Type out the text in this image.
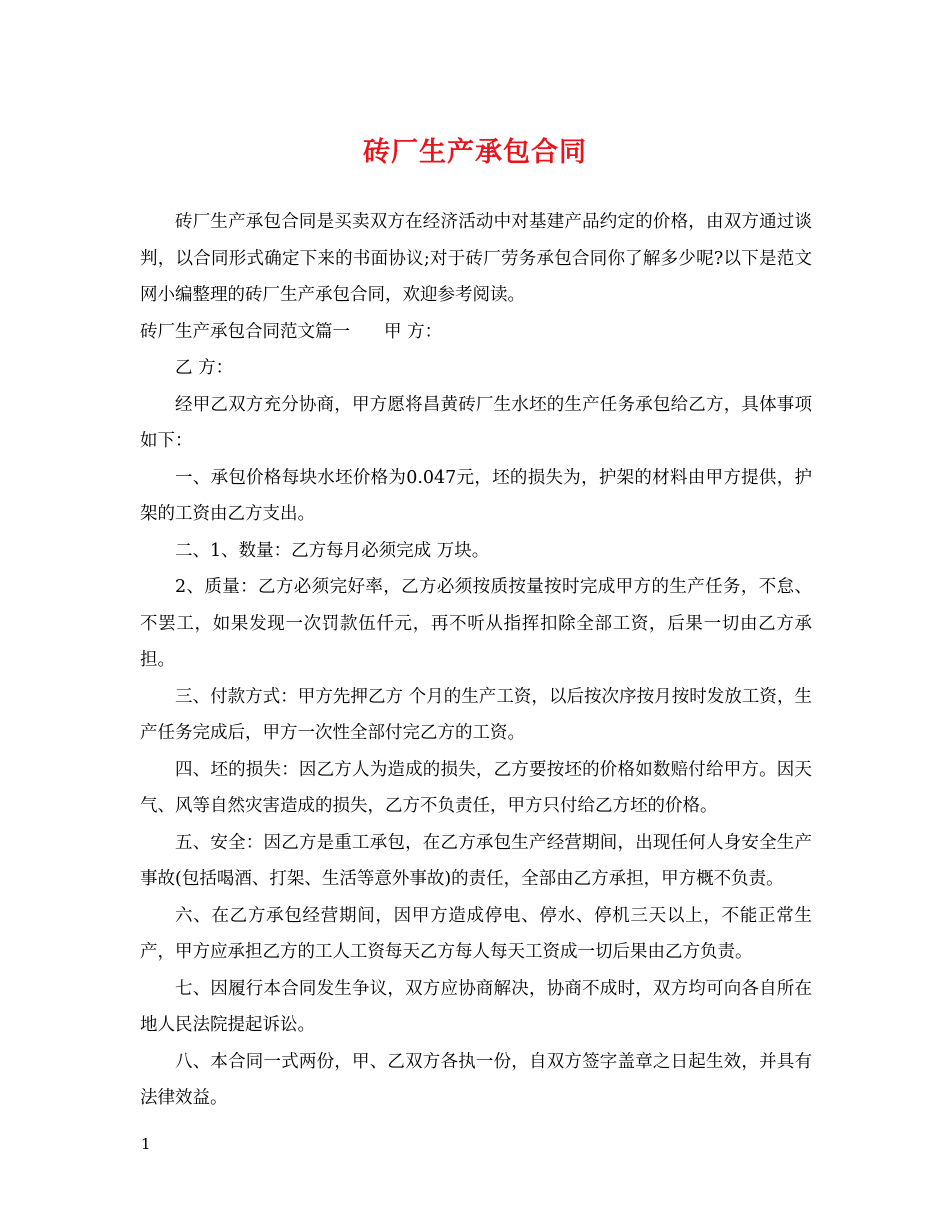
砖厂生产承包合同

砖厂生产承包合同是买卖双方在经济活动中对基建产品约定的价格，由双方通过谈判，以合同形式确定下来的书面协议;对于砖厂劳务承包合同你了解多少呢?以下是范文网小编整理的砖厂生产承包合同，欢迎参考阅读。

砖厂生产承包合同范文篇一 甲 方：

乙 方：

经甲乙双方充分协商，甲方愿将昌黄砖厂生水坯的生产任务承包给乙方，具体事项如下：

一、承包价格每块水坯价格为0.047元，坯的损失为，护架的材料由甲方提供，护架的工资由乙方支出。

二、1、数量：乙方每月必须完成 万块。

2、质量：乙方必须完好率，乙方必须按质按量按时完成甲方的生产任务，不怠、不罢工，如果发现一次罚款伍仟元，再不听从指挥扣除全部工资，后果一切由乙方承担。

三、付款方式：甲方先押乙方 个月的生产工资，以后按次序按月按时发放工资，生产任务完成后，甲方一次性全部付完乙方的工资。

四、坯的损失：因乙方人为造成的损失，乙方要按坯的价格如数赔付给甲方。因天气、风等自然灾害造成的损失，乙方不负责任，甲方只付给乙方坯的价格。

五、安全：因乙方是重工承包，在乙方承包生产经营期间，出现任何人身安全生产事故(包括喝酒、打架、生活等意外事故)的责任，全部由乙方承担，甲方概不负责。

六、在乙方承包经营期间，因甲方造成停电、停水、停机三天以上，不能正常生产，甲方应承担乙方的工人工资每天乙方每人每天工资成一切后果由乙方负责。

七、因履行本合同发生争议，双方应协商解决，协商不成时，双方均可向各自所在地人民法院提起诉讼。

八、本合同一式两份，甲、乙双方各执一份，自双方签字盖章之日起生效，并具有法律效益。

1
